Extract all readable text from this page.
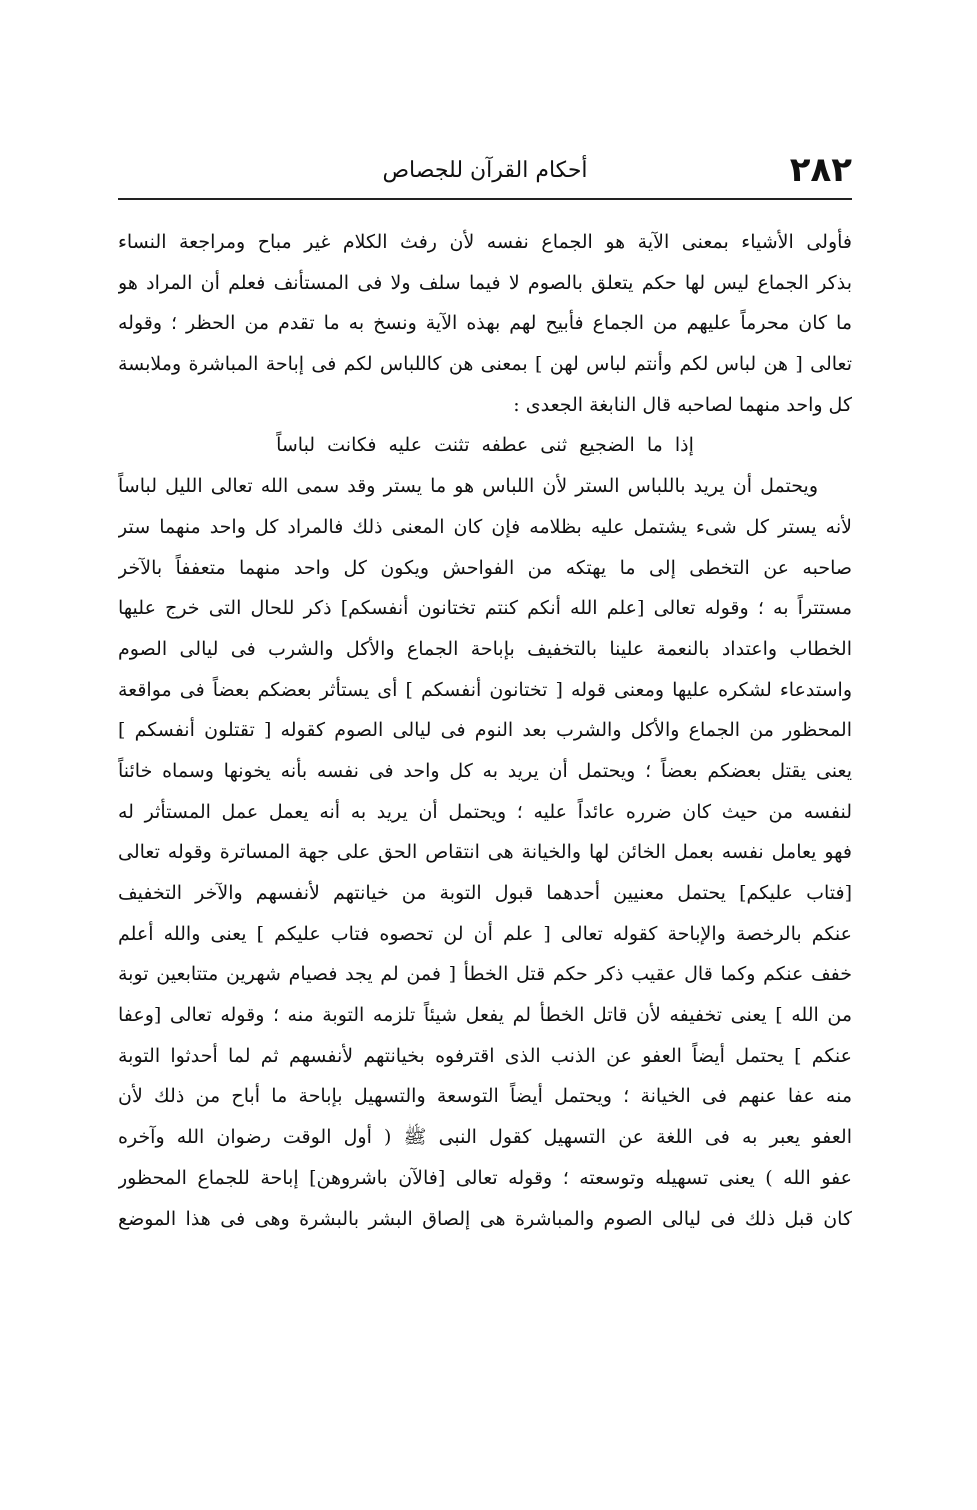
٢٨٢
أحكام القرآن للجصاص
فأولى الأشياء بمعنى الآية هو الجماع نفسه لأن رفث الكلام غير مباح ومراجعة النساء
بذكر الجماع ليس لها حكم يتعلق بالصوم لا فيما سلف ولا فى المستأنف فعلم أن المراد هو
ما كان محرماً عليهم من الجماع فأبيح لهم بهذه الآية ونسخ به ما تقدم من الحظر ؛ وقوله
تعالى [ هن لباس لكم وأنتم لباس لهن ] بمعنى هن كاللباس لكم فى إباحة المباشرة وملابسة
كل واحد منهما لصاحبه قال النابغة الجعدى :
إذا ما الضجيع ثنى عطفه تثنت عليه فكانت لباساً
ويحتمل أن يريد باللباس الستر لأن اللباس هو ما يستر وقد سمى الله تعالى الليل لباساً
لأنه يستر كل شىء يشتمل عليه بظلامه فإن كان المعنى ذلك فالمراد كل واحد منهما ستر
صاحبه عن التخطى إلى ما يهتكه من الفواحش ويكون كل واحد منهما متعففاً بالآخر
مستتراً به ؛ وقوله تعالى [علم الله أنكم كنتم تختانون أنفسكم] ذكر للحال التى خرج عليها
الخطاب واعتداد بالنعمة علينا بالتخفيف بإباحة الجماع والأكل والشرب فى ليالى الصوم
واستدعاء لشكره عليها ومعنى قوله [ تختانون أنفسكم ] أى يستأثر بعضكم بعضاً فى مواقعة
المحظور من الجماع والأكل والشرب بعد النوم فى ليالى الصوم كقوله [ تقتلون أنفسكم ]
يعنى يقتل بعضكم بعضاً ؛ ويحتمل أن يريد به كل واحد فى نفسه بأنه يخونها وسماه خائناً
لنفسه من حيث كان ضرره عائداً عليه ؛ ويحتمل أن يريد به أنه يعمل عمل المستأثر له
فهو يعامل نفسه بعمل الخائن لها والخيانة هى انتقاص الحق على جهة المساترة وقوله تعالى
[فتاب عليكم] يحتمل معنيين أحدهما قبول التوبة من خيانتهم لأنفسهم والآخر التخفيف
عنكم بالرخصة والإباحة كقوله تعالى [ علم أن لن تحصوه فتاب عليكم ] يعنى والله أعلم
خفف عنكم وكما قال عقيب ذكر حكم قتل الخطأ [ فمن لم يجد فصيام شهرين متتابعين توبة
من الله ] يعنى تخفيفه لأن قاتل الخطأ لم يفعل شيئاً تلزمه التوبة منه ؛ وقوله تعالى [وعفا
عنكم ] يحتمل أيضاً العفو عن الذنب الذى اقترفوه بخيانتهم لأنفسهم ثم لما أحدثوا التوبة
منه عفا عنهم فى الخيانة ؛ ويحتمل أيضاً التوسعة والتسهيل بإباحة ما أباح من ذلك لأن
العفو يعبر به فى اللغة عن التسهيل كقول النبى ﷺ ( أول الوقت رضوان الله وآخره
عفو الله ) يعنى تسهيله وتوسعته ؛ وقوله تعالى [فالآن باشروهن] إباحة للجماع المحظور
كان قبل ذلك فى ليالى الصوم والمباشرة هى إلصاق البشر بالبشرة وهى فى هذا الموضع
